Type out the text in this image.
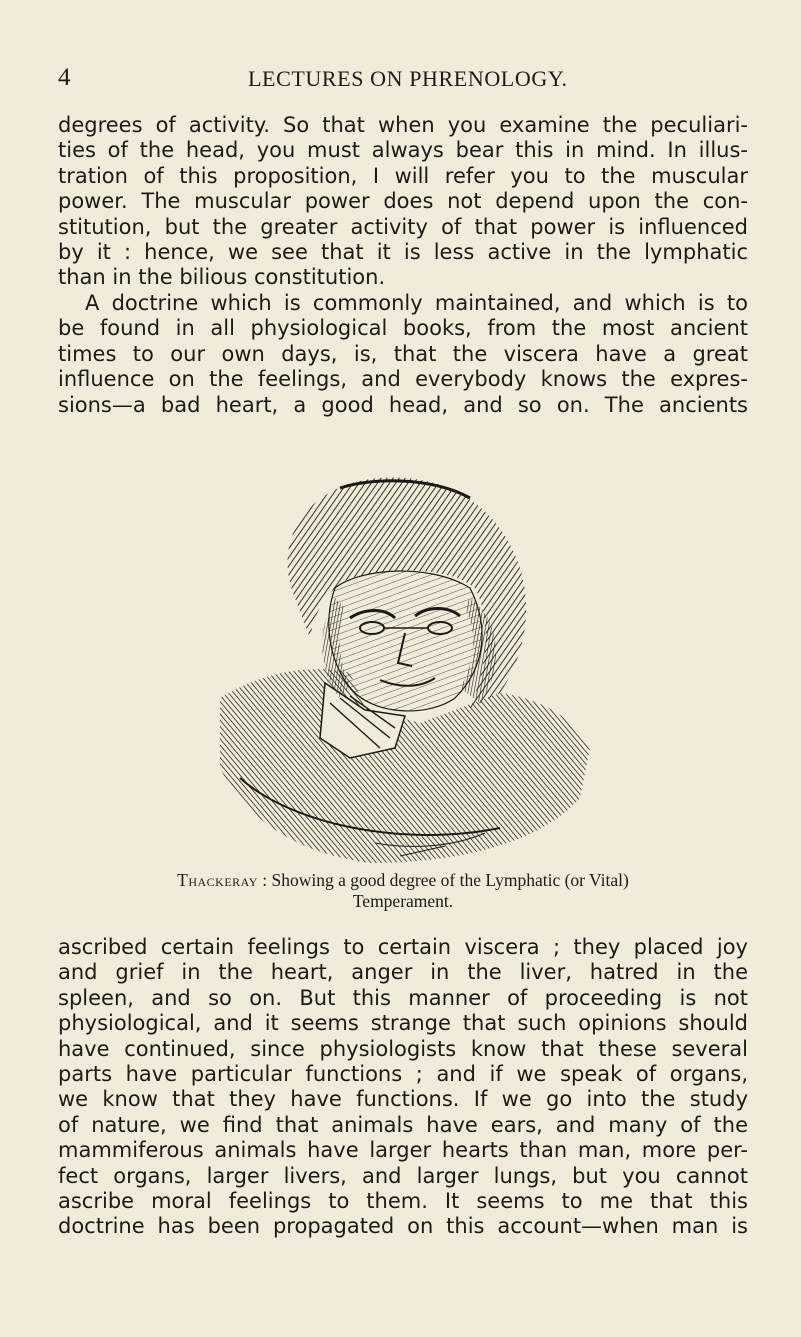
4	LECTURES ON PHRENOLOGY.
degrees of activity. So that when you examine the peculiari-
ties of the head, you must always bear this in mind. In illus-
tration of this proposition, I will refer you to the muscular
power. The muscular power does not depend upon the con-
stitution, but the greater activity of that power is influenced
by it : hence, we see that it is less active in the lymphatic
than in the bilious constitution.
A doctrine which is commonly maintained, and which is to
be found in all physiological books, from the most ancient
times to our own days, is, that the viscera have a great
influence on the feelings, and everybody knows the expres-
sions—a bad heart, a good head, and so on. The ancients
Thackeray : Showing a good degree of the Lymphatic (or Vital)
Temperament.
ascribed certain feelings to certain viscera ; they placed joy
and grief in the heart, anger in the liver, hatred in the
spleen, and so on. But this manner of proceeding is not
physiological, and it seems strange that such opinions should
have continued, since physiologists know that these several
parts have particular functions ; and if we speak of organs,
we know that they have functions. If we go into the study
of nature, we find that animals have ears, and many of the
mammiferous animals have larger hearts than man, more per-
fect organs, larger livers, and larger lungs, but you cannot
ascribe moral feelings to them. It seems to me that this
doctrine has been propagated on this account—when man is
